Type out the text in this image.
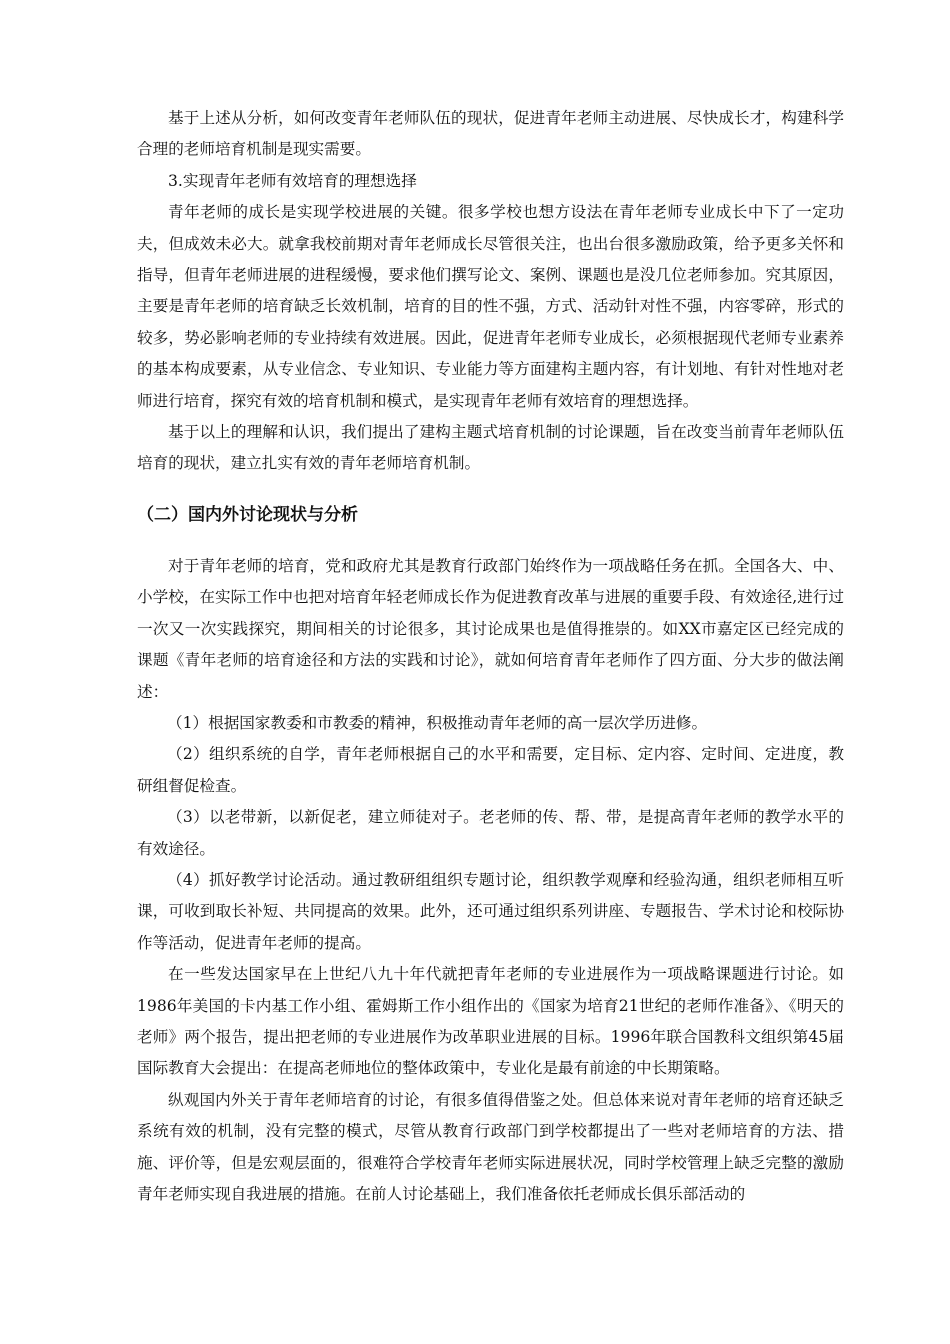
基于上述从分析，如何改变青年老师队伍的现状，促进青年老师主动进展、尽快成长才，构建科学合理的老师培育机制是现实需要。

3.实现青年老师有效培育的理想选择

青年老师的成长是实现学校进展的关键。很多学校也想方设法在青年老师专业成长中下了一定功夫，但成效未必大。就拿我校前期对青年老师成长尽管很关注，也出台很多激励政策，给予更多关怀和指导，但青年老师进展的进程缓慢，要求他们撰写论文、案例、课题也是没几位老师参加。究其原因，主要是青年老师的培育缺乏长效机制，培育的目的性不强，方式、活动针对性不强，内容零碎，形式的较多，势必影响老师的专业持续有效进展。因此，促进青年老师专业成长，必须根据现代老师专业素养的基本构成要素，从专业信念、专业知识、专业能力等方面建构主题内容，有计划地、有针对性地对老师进行培育，探究有效的培育机制和模式，是实现青年老师有效培育的理想选择。

基于以上的理解和认识，我们提出了建构主题式培育机制的讨论课题，旨在改变当前青年老师队伍培育的现状，建立扎实有效的青年老师培育机制。

（二）国内外讨论现状与分析

对于青年老师的培育，党和政府尤其是教育行政部门始终作为一项战略任务在抓。全国各大、中、小学校，在实际工作中也把对培育年轻老师成长作为促进教育改革与进展的重要手段、有效途径,进行过一次又一次实践探究，期间相关的讨论很多，其讨论成果也是值得推崇的。如XX市嘉定区已经完成的课题《青年老师的培育途径和方法的实践和讨论》，就如何培育青年老师作了四方面、分大步的做法阐述：

（1）根据国家教委和市教委的精神，积极推动青年老师的高一层次学历进修。

（2）组织系统的自学，青年老师根据自己的水平和需要，定目标、定内容、定时间、定进度，教研组督促检查。

（3）以老带新，以新促老，建立师徒对子。老老师的传、帮、带，是提高青年老师的教学水平的有效途径。

（4）抓好教学讨论活动。通过教研组组织专题讨论，组织教学观摩和经验沟通，组织老师相互听课，可收到取长补短、共同提高的效果。此外，还可通过组织系列讲座、专题报告、学术讨论和校际协作等活动，促进青年老师的提高。

在一些发达国家早在上世纪八九十年代就把青年老师的专业进展作为一项战略课题进行讨论。如1986年美国的卡内基工作小组、霍姆斯工作小组作出的《国家为培育21世纪的老师作准备》、《明天的老师》两个报告，提出把老师的专业进展作为改革职业进展的目标。1996年联合国教科文组织第45届国际教育大会提出：在提高老师地位的整体政策中，专业化是最有前途的中长期策略。

纵观国内外关于青年老师培育的讨论，有很多值得借鉴之处。但总体来说对青年老师的培育还缺乏系统有效的机制，没有完整的模式，尽管从教育行政部门到学校都提出了一些对老师培育的方法、措施、评价等，但是宏观层面的，很难符合学校青年老师实际进展状况，同时学校管理上缺乏完整的激励青年老师实现自我进展的措施。在前人讨论基础上，我们准备依托老师成长俱乐部活动的
